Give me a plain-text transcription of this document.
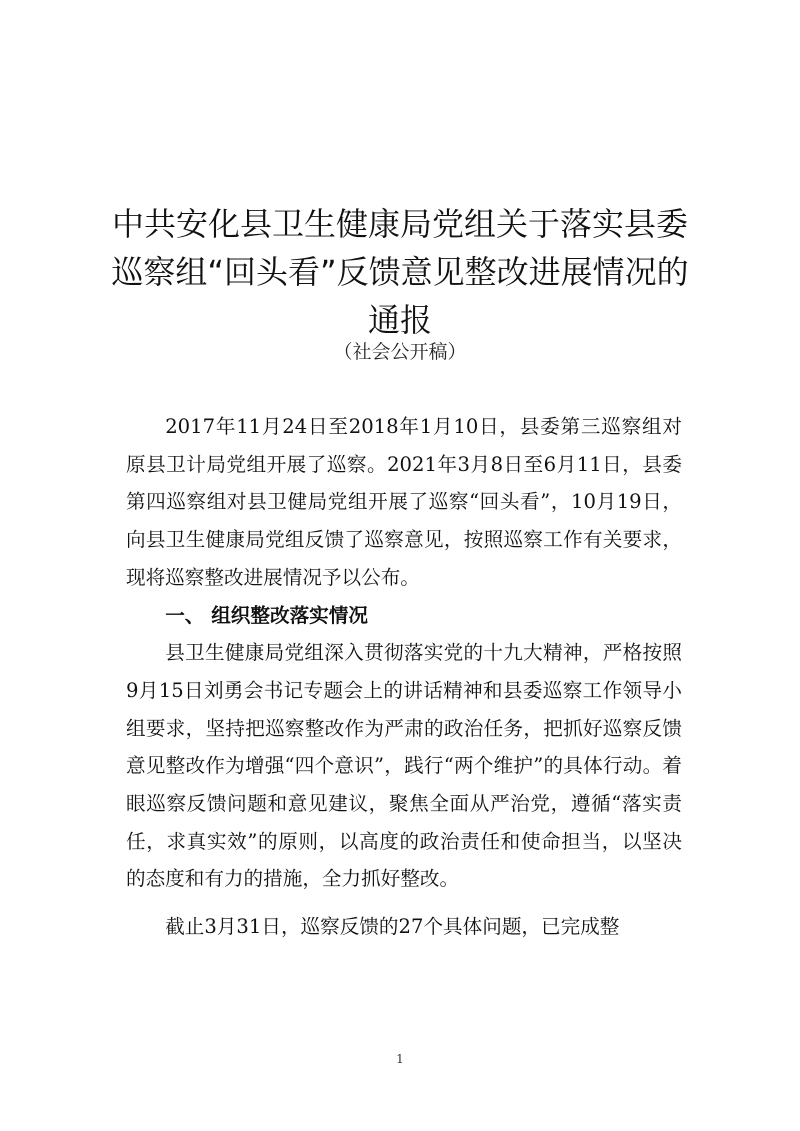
中共安化县卫生健康局党组关于落实县委
巡察组“回头看”反馈意见整改进展情况的
通报
（社会公开稿）

2017年11月24日至2018年1月10日，县委第三巡察组对原县卫计局党组开展了巡察。2021年3月8日至6月11日，县委第四巡察组对县卫健局党组开展了巡察“回头看”，10月19日，向县卫生健康局党组反馈了巡察意见，按照巡察工作有关要求，现将巡察整改进展情况予以公布。

一、 组织整改落实情况

县卫生健康局党组深入贯彻落实党的十九大精神，严格按照9月15日刘勇会书记专题会上的讲话精神和县委巡察工作领导小组要求，坚持把巡察整改作为严肃的政治任务，把抓好巡察反馈意见整改作为增强“四个意识”，践行“两个维护”的具体行动。着眼巡察反馈问题和意见建议，聚焦全面从严治党，遵循“落实责任，求真实效”的原则，以高度的政治责任和使命担当，以坚决的态度和有力的措施，全力抓好整改。

截止3月31日，巡察反馈的27个具体问题，已完成整

1
